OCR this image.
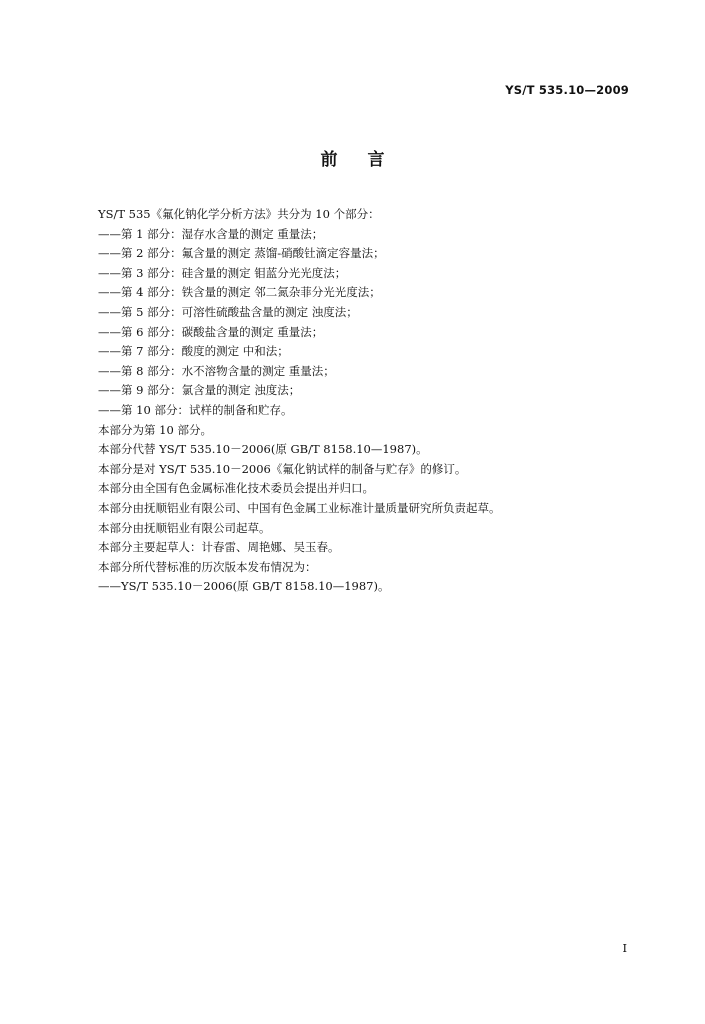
YS/T 535.10—2009
前言
YS/T 535《氟化钠化学分析方法》共分为 10 个部分：
——第 1 部分：湿存水含量的测定 重量法；
——第 2 部分：氟含量的测定 蒸馏-硝酸钍滴定容量法；
——第 3 部分：硅含量的测定 钼蓝分光光度法；
——第 4 部分：铁含量的测定 邻二氮杂菲分光光度法；
——第 5 部分：可溶性硫酸盐含量的测定 浊度法；
——第 6 部分：碳酸盐含量的测定 重量法；
——第 7 部分：酸度的测定 中和法；
——第 8 部分：水不溶物含量的测定 重量法；
——第 9 部分：氯含量的测定 浊度法；
——第 10 部分：试样的制备和贮存。
本部分为第 10 部分。
本部分代替 YS/T 535.10－2006(原 GB/T 8158.10—1987)。
本部分是对 YS/T 535.10－2006《氟化钠试样的制备与贮存》的修订。
本部分由全国有色金属标准化技术委员会提出并归口。
本部分由抚顺铝业有限公司、中国有色金属工业标准计量质量研究所负责起草。
本部分由抚顺铝业有限公司起草。
本部分主要起草人：计春雷、周艳娜、吴玉春。
本部分所代替标准的历次版本发布情况为：
——YS/T 535.10－2006(原 GB/T 8158.10—1987)。
I
